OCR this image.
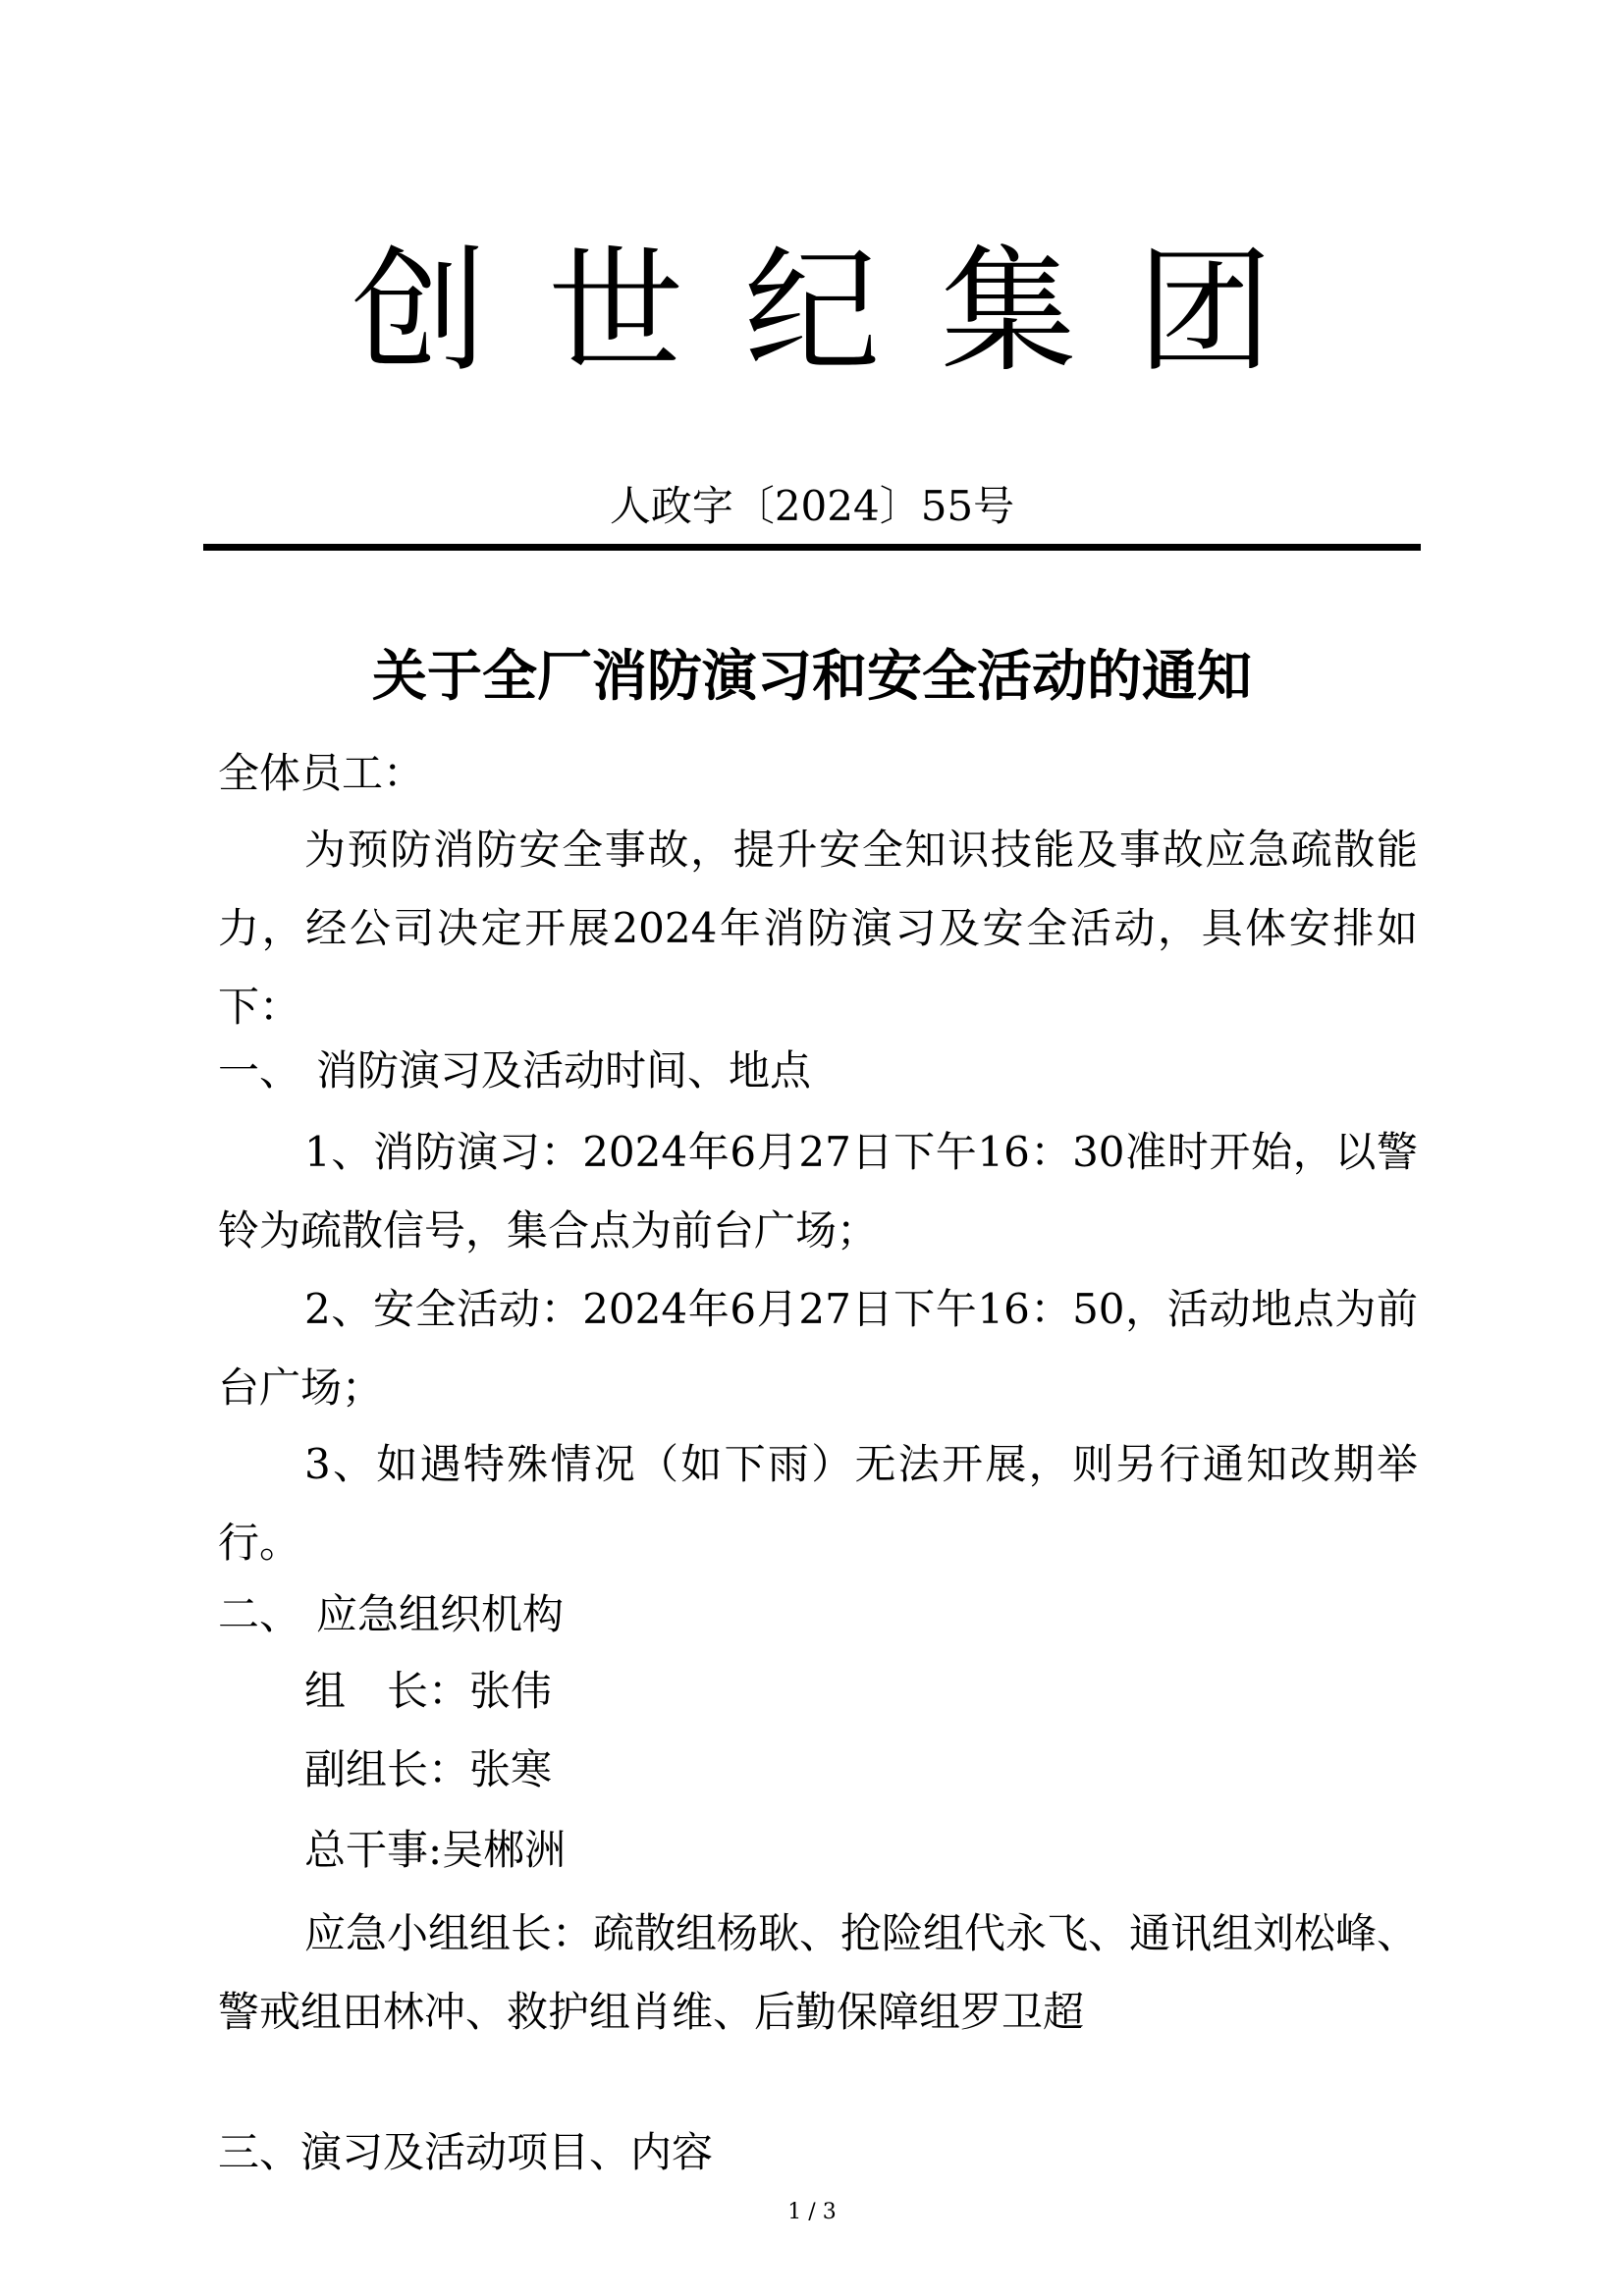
创世纪集团
人政字〔2024〕55号
关于全厂消防演习和安全活动的通知

全体员工：

为预防消防安全事故，提升安全知识技能及事故应急疏散能力，经公司决定开展2024年消防演习及安全活动，具体安排如下：

一、 消防演习及活动时间、地点

1、消防演习：2024年6月27日下午16：30准时开始，以警铃为疏散信号，集合点为前台广场；

2、安全活动：2024年6月27日下午16：50，活动地点为前台广场；

3、如遇特殊情况（如下雨）无法开展，则另行通知改期举行。

二、 应急组织机构
组　长：张伟
副组长：张寒
总干事:吴郴洲

应急小组组长：疏散组杨耿、抢险组代永飞、通讯组刘松峰、警戒组田林冲、救护组肖维、后勤保障组罗卫超

三、演习及活动项目、内容
1 / 3
